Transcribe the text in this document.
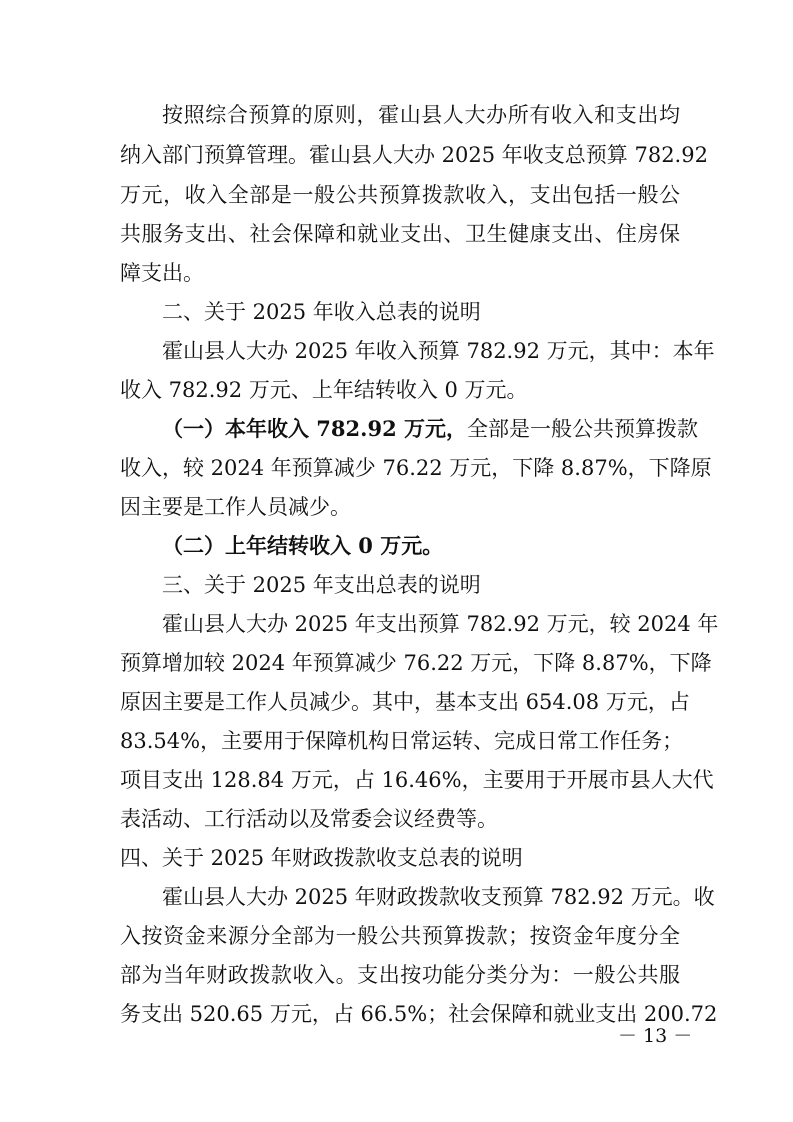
按照综合预算的原则，霍山县人大办所有收入和支出均
纳入部门预算管理。霍山县人大办 2025 年收支总预算 782.92
万元，收入全部是一般公共预算拨款收入，支出包括一般公
共服务支出、社会保障和就业支出、卫生健康支出、住房保
障支出。
二、关于 2025 年收入总表的说明
霍山县人大办 2025 年收入预算 782.92 万元，其中：本年
收入 782.92 万元、上年结转收入 0 万元。
（一）本年收入 782.92 万元，全部是一般公共预算拨款
收入，较 2024 年预算减少 76.22 万元，下降 8.87%，下降原
因主要是工作人员减少。
（二）上年结转收入 0 万元。
三、关于 2025 年支出总表的说明
霍山县人大办 2025 年支出预算 782.92 万元，较 2024 年
预算增加较 2024 年预算减少 76.22 万元，下降 8.87%，下降
原因主要是工作人员减少。其中，基本支出 654.08 万元，占
83.54%，主要用于保障机构日常运转、完成日常工作任务；
项目支出 128.84 万元，占 16.46%，主要用于开展市县人大代
表活动、工行活动以及常委会议经费等。
四、关于 2025 年财政拨款收支总表的说明
霍山县人大办 2025 年财政拨款收支预算 782.92 万元。收
入按资金来源分全部为一般公共预算拨款；按资金年度分全
部为当年财政拨款收入。支出按功能分类分为：一般公共服
务支出 520.65 万元，占 66.5%；社会保障和就业支出 200.72
－ 13 －
